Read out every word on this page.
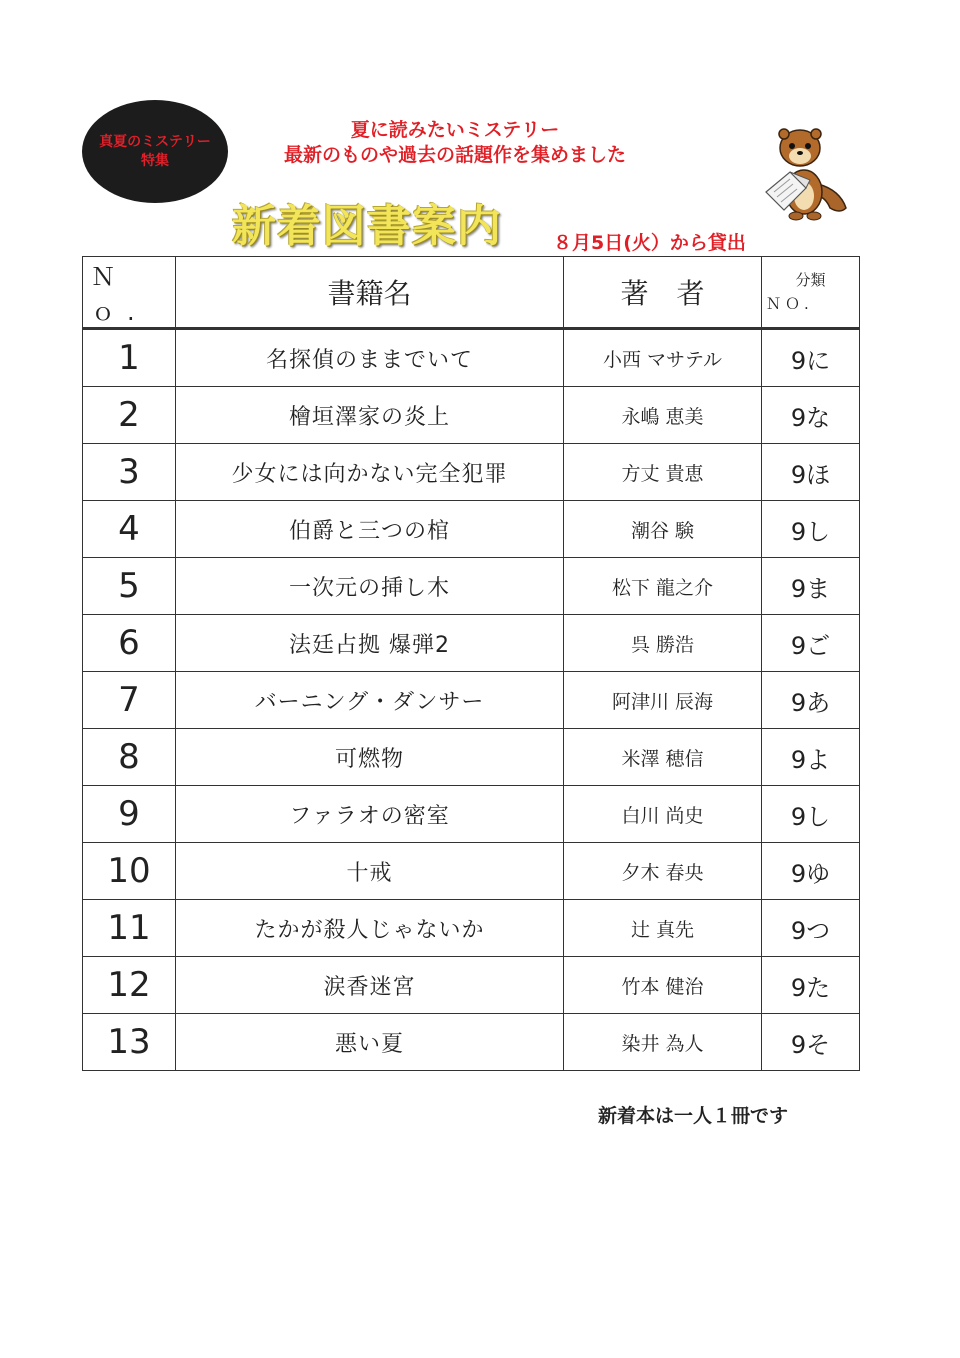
真夏のミステリー
特集
夏に読みたいミステリー
最新のものや過去の話題作を集めました
新着図書案内	８月5日(火）から貸出
Ｎｏ.	書籍名	著　者	分類
ＮＯ.

1	名探偵のままでいて	小西 マサテル	9に
2	檜垣澤家の炎上	永嶋 恵美	9な
3	少女には向かない完全犯罪	方丈 貴恵	9ほ
4	伯爵と三つの棺	潮谷 験	9し
5	一次元の挿し木	松下 龍之介	9ま
6	法廷占拠 爆弾2	呉 勝浩	9ご
7	バーニング・ダンサー	阿津川 辰海	9あ
8	可燃物	米澤 穂信	9よ
9	ファラオの密室	白川 尚史	9し
10	十戒	夕木 春央	9ゆ
11	たかが殺人じゃないか	辻 真先	9つ
12	涙香迷宮	竹本 健治	9た
13	悪い夏	染井 為人	9そ
新着本は一人１冊です
